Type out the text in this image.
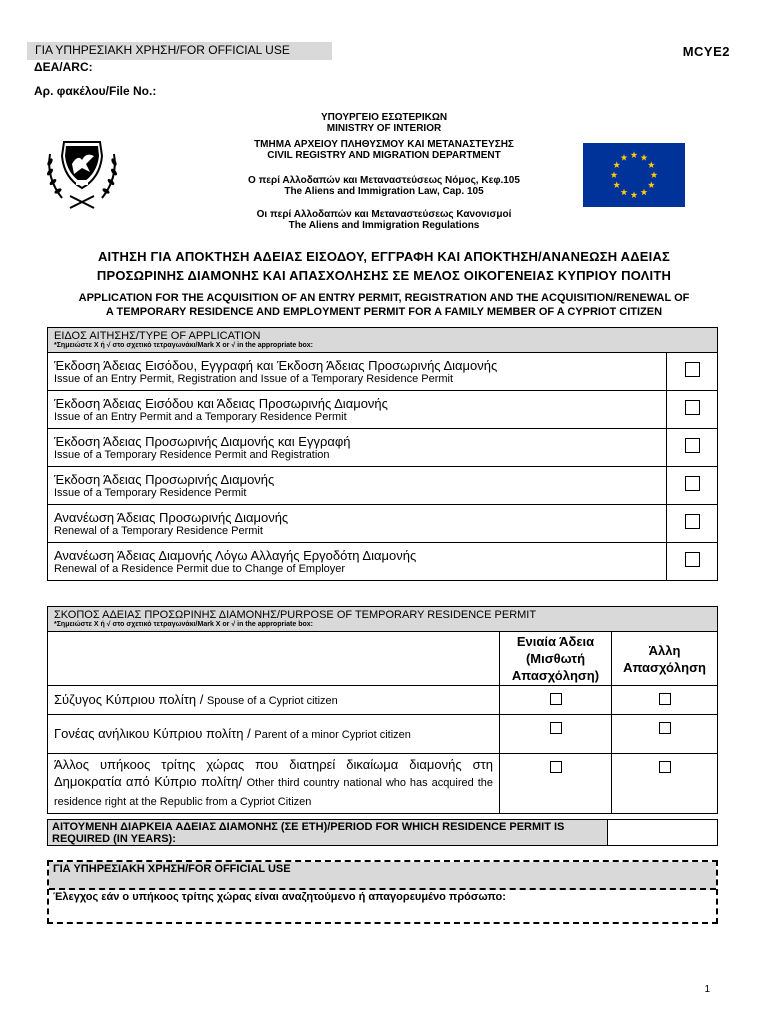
ΓΙΑ ΥΠΗΡΕΣΙΑΚΗ ΧΡΗΣΗ/FOR OFFICIAL USE	MCYE2
ΔΕΑ/ARC:
Αρ. φακέλου/File No.:
ΥΠΟΥΡΓΕΙΟ ΕΣΩΤΕΡΙΚΩΝ
MINISTRY OF INTERIOR
ΤΜΗΜΑ ΑΡΧΕΙΟΥ ΠΛΗΘΥΣΜΟΥ ΚΑΙ ΜΕΤΑΝΑΣΤΕΥΣΗΣ
CIVIL REGISTRY AND MIGRATION DEPARTMENT
Ο περί Αλλοδαπών και Μεταναστεύσεως Νόμος, Κεφ.105
The Aliens and Immigration Law, Cap. 105
Οι περί Αλλοδαπών και Μεταναστεύσεως Κανονισμοί
The Aliens and Immigration Regulations
ΑΙΤΗΣΗ ΓΙΑ ΑΠΟΚΤΗΣΗ ΑΔΕΙΑΣ ΕΙΣΟΔΟΥ, ΕΓΓΡΑΦΗ ΚΑΙ ΑΠΟΚΤΗΣΗ/ΑΝΑΝΕΩΣΗ ΑΔΕΙΑΣ
ΠΡΟΣΩΡΙΝΗΣ ΔΙΑΜΟΝΗΣ ΚΑΙ ΑΠΑΣΧΟΛΗΣΗΣ ΣΕ ΜΕΛΟΣ ΟΙΚΟΓΕΝΕΙΑΣ ΚΥΠΡΙΟΥ ΠΟΛΙΤΗ
APPLICATION FOR THE ACQUISITION OF AN ENTRY PERMIT, REGISTRATION AND THE ACQUISITION/RENEWAL OF
A TEMPORARY RESIDENCE AND EMPLOYMENT PERMIT FOR A FAMILY MEMBER OF A CYPRIOT CITIZEN
ΕΙΔΟΣ ΑΙΤΗΣΗΣ/TYPE OF APPLICATION
*Σημειώστε Χ ή √ στο σχετικό τετραγωνάκι/Mark X or √ in the appropriate box:	

Έκδοση Άδειας Εισόδου, Εγγραφή και Έκδοση Άδειας Προσωρινής Διαμονής
Issue of an Entry Permit, Registration and Issue of a Temporary Residence Permit	

Έκδοση Άδειας Εισόδου και Άδειας Προσωρινής Διαμονής
Issue of an Entry Permit and a Temporary Residence Permit	

Έκδοση Άδειας Προσωρινής Διαμονής και Εγγραφή
Issue of a Temporary Residence Permit and Registration	

Έκδοση Άδειας Προσωρινής Διαμονής
Issue of a Temporary Residence Permit	

Ανανέωση Άδειας Προσωρινής Διαμονής
Renewal of a Temporary Residence Permit	

Ανανέωση Άδειας Διαμονής Λόγω Αλλαγής Εργοδότη Διαμονής
Renewal of a Residence Permit due to Change of Employer	

ΣΚΟΠΟΣ ΑΔΕΙΑΣ ΠΡΟΣΩΡΙΝΗΣ ΔΙΑΜΟΝΗΣ/PURPOSE OF TEMPORARY RESIDENCE PERMIT
*Σημειώστε Χ ή √ στο σχετικό τετραγωνάκι/Mark X or √ in the appropriate box:		

	Ενιαία Άδεια (Μισθωτή Απασχόληση)	Άλλη Απασχόληση
Σύζυγος Κύπριου πολίτη / Spouse of a Cypriot citizen		
Γονέας ανήλικου Κύπριου πολίτη / Parent of a minor Cypriot citizen		
Άλλος υπήκοος τρίτης χώρας που διατηρεί δικαίωμα διαμονής στη Δημοκρατία από Κύπριο πολίτη/ Other third country national who has acquired the residence right at the Republic from a Cypriot Citizen		
ΑΙΤΟΥΜΕΝΗ ΔΙΑΡΚΕΙΑ ΑΔΕΙΑΣ ΔΙΑΜΟΝΗΣ (ΣΕ ΕΤΗ)/PERIOD FOR WHICH RESIDENCE PERMIT IS REQUIRED (IN YEARS):
ΓΙΑ ΥΠΗΡΕΣΙΑΚΗ ΧΡΗΣΗ/FOR OFFICIAL USE
Έλεγχος εάν ο υπήκοος τρίτης χώρας είναι αναζητούμενο ή απαγορευμένο πρόσωπο:
1
